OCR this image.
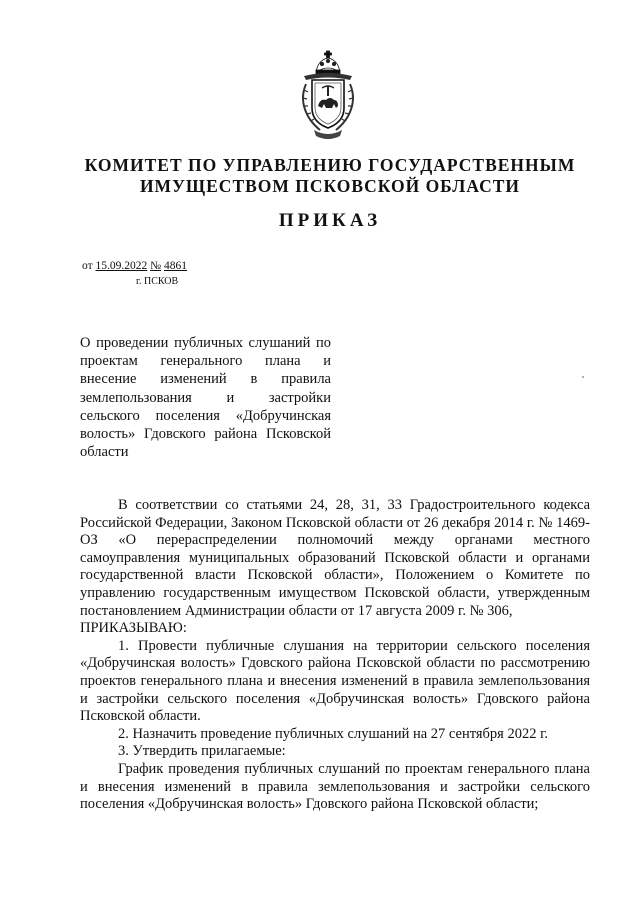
КОМИТЕТ ПО УПРАВЛЕНИЮ ГОСУДАРСТВЕННЫМ
ИМУЩЕСТВОМ ПСКОВСКОЙ ОБЛАСТИ
ПРИКАЗ
от 15.09.2022 № 4861
г. ПСКОВ
О проведении публичных слушаний по проектам генерального плана и внесение изменений в правила землепользования и застройки сельского поселения «Добручинская волость» Гдовского района Псковской области

В соответствии со статьями 24, 28, 31, 33 Градостроительного кодекса Российской Федерации, Законом Псковской области от 26 декабря 2014 г. № 1469-ОЗ «О перераспределении полномочий между органами местного самоуправления муниципальных образований Псковской области и органами государственной власти Псковской области», Положением о Комитете по управлению государственным имуществом Псковской области, утвержденным постановлением Администрации области от 17 августа 2009 г. № 306,

ПРИКАЗЫВАЮ:

1. Провести публичные слушания на территории сельского поселения «Добручинская волость» Гдовского района Псковской области по рассмотрению проектов генерального плана и внесения изменений в правила землепользования и застройки сельского поселения «Добручинская волость» Гдовского района Псковской области.

2. Назначить проведение публичных слушаний на 27 сентября 2022 г.

3. Утвердить прилагаемые:

График проведения публичных слушаний по проектам генерального плана и внесения изменений в правила землепользования и застройки сельского поселения «Добручинская волость» Гдовского района Псковской области;
